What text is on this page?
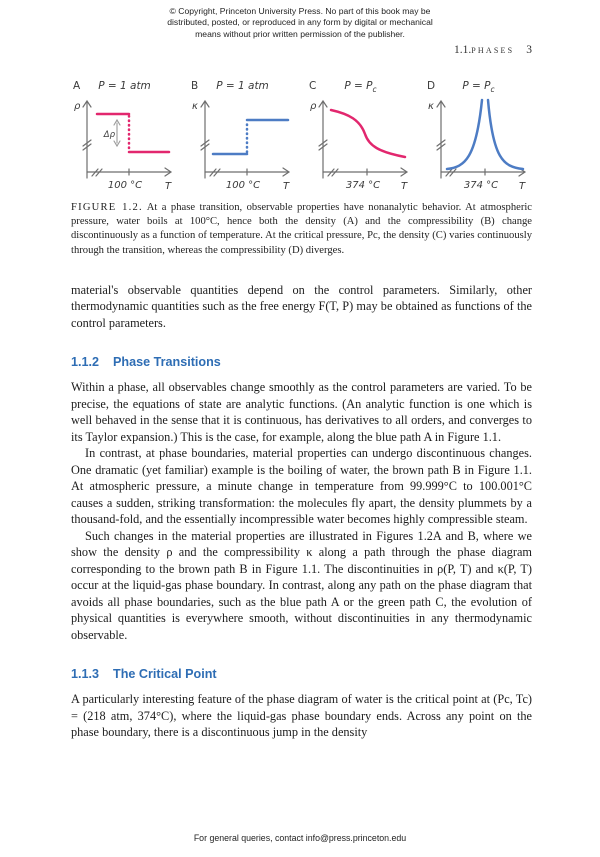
© Copyright, Princeton University Press. No part of this book may be
distributed, posted, or reproduced in any form by digital or mechanical
means without prior written permission of the publisher.
1.1.phases 3
A	P = 1 atm
Δρ
ρ
T
100 °C
B	P = 1 atm
κ
T
100 °C
C	$P = P_c$
ρ
T
374 °C
D	$P = P_c$
κ
T
374 °C
FIGURE 1.2. At a phase transition, observable properties have nonanalytic behavior. At atmospheric pressure, water boils at 100°C, hence both the density (A) and the compressibility (B) change discontinuously as a function of temperature. At the critical pressure, Pc, the density (C) varies continuously through the transition, whereas the compressibility (D) diverges.

material's observable quantities depend on the control parameters. Similarly, other thermodynamic quantities such as the free energy F(T, P) may be obtained as functions of the control parameters.

1.1.2 Phase Transitions

Within a phase, all observables change smoothly as the control parameters are varied. To be precise, the equations of state are analytic functions. (An analytic function is one which is well behaved in the sense that it is continuous, has derivatives to all orders, and converges to its Taylor expansion.) This is the case, for example, along the blue path A in Figure 1.1.

In contrast, at phase boundaries, material properties can undergo discontinuous changes. One dramatic (yet familiar) example is the boiling of water, the brown path B in Figure 1.1. At atmospheric pressure, a minute change in temperature from 99.999°C to 100.001°C causes a sudden, striking transformation: the molecules fly apart, the density plummets by a thousand-fold, and the essentially incompressible water becomes highly compressible steam.

Such changes in the material properties are illustrated in Figures 1.2A and B, where we show the density ρ and the compressibility κ along a path through the phase diagram corresponding to the brown path B in Figure 1.1. The discontinuities in ρ(P, T) and κ(P, T) occur at the liquid-gas phase boundary. In contrast, along any path on the phase diagram that avoids all phase boundaries, such as the blue path A or the green path C, the evolution of physical quantities is everywhere smooth, without discontinuities in any thermodynamic observable.

1.1.3 The Critical Point

A particularly interesting feature of the phase diagram of water is the critical point at (Pc, Tc) = (218 atm, 374°C), where the liquid-gas phase boundary ends. Across any point on the phase boundary, there is a discontinuous jump in the density

For general queries, contact info@press.princeton.edu
